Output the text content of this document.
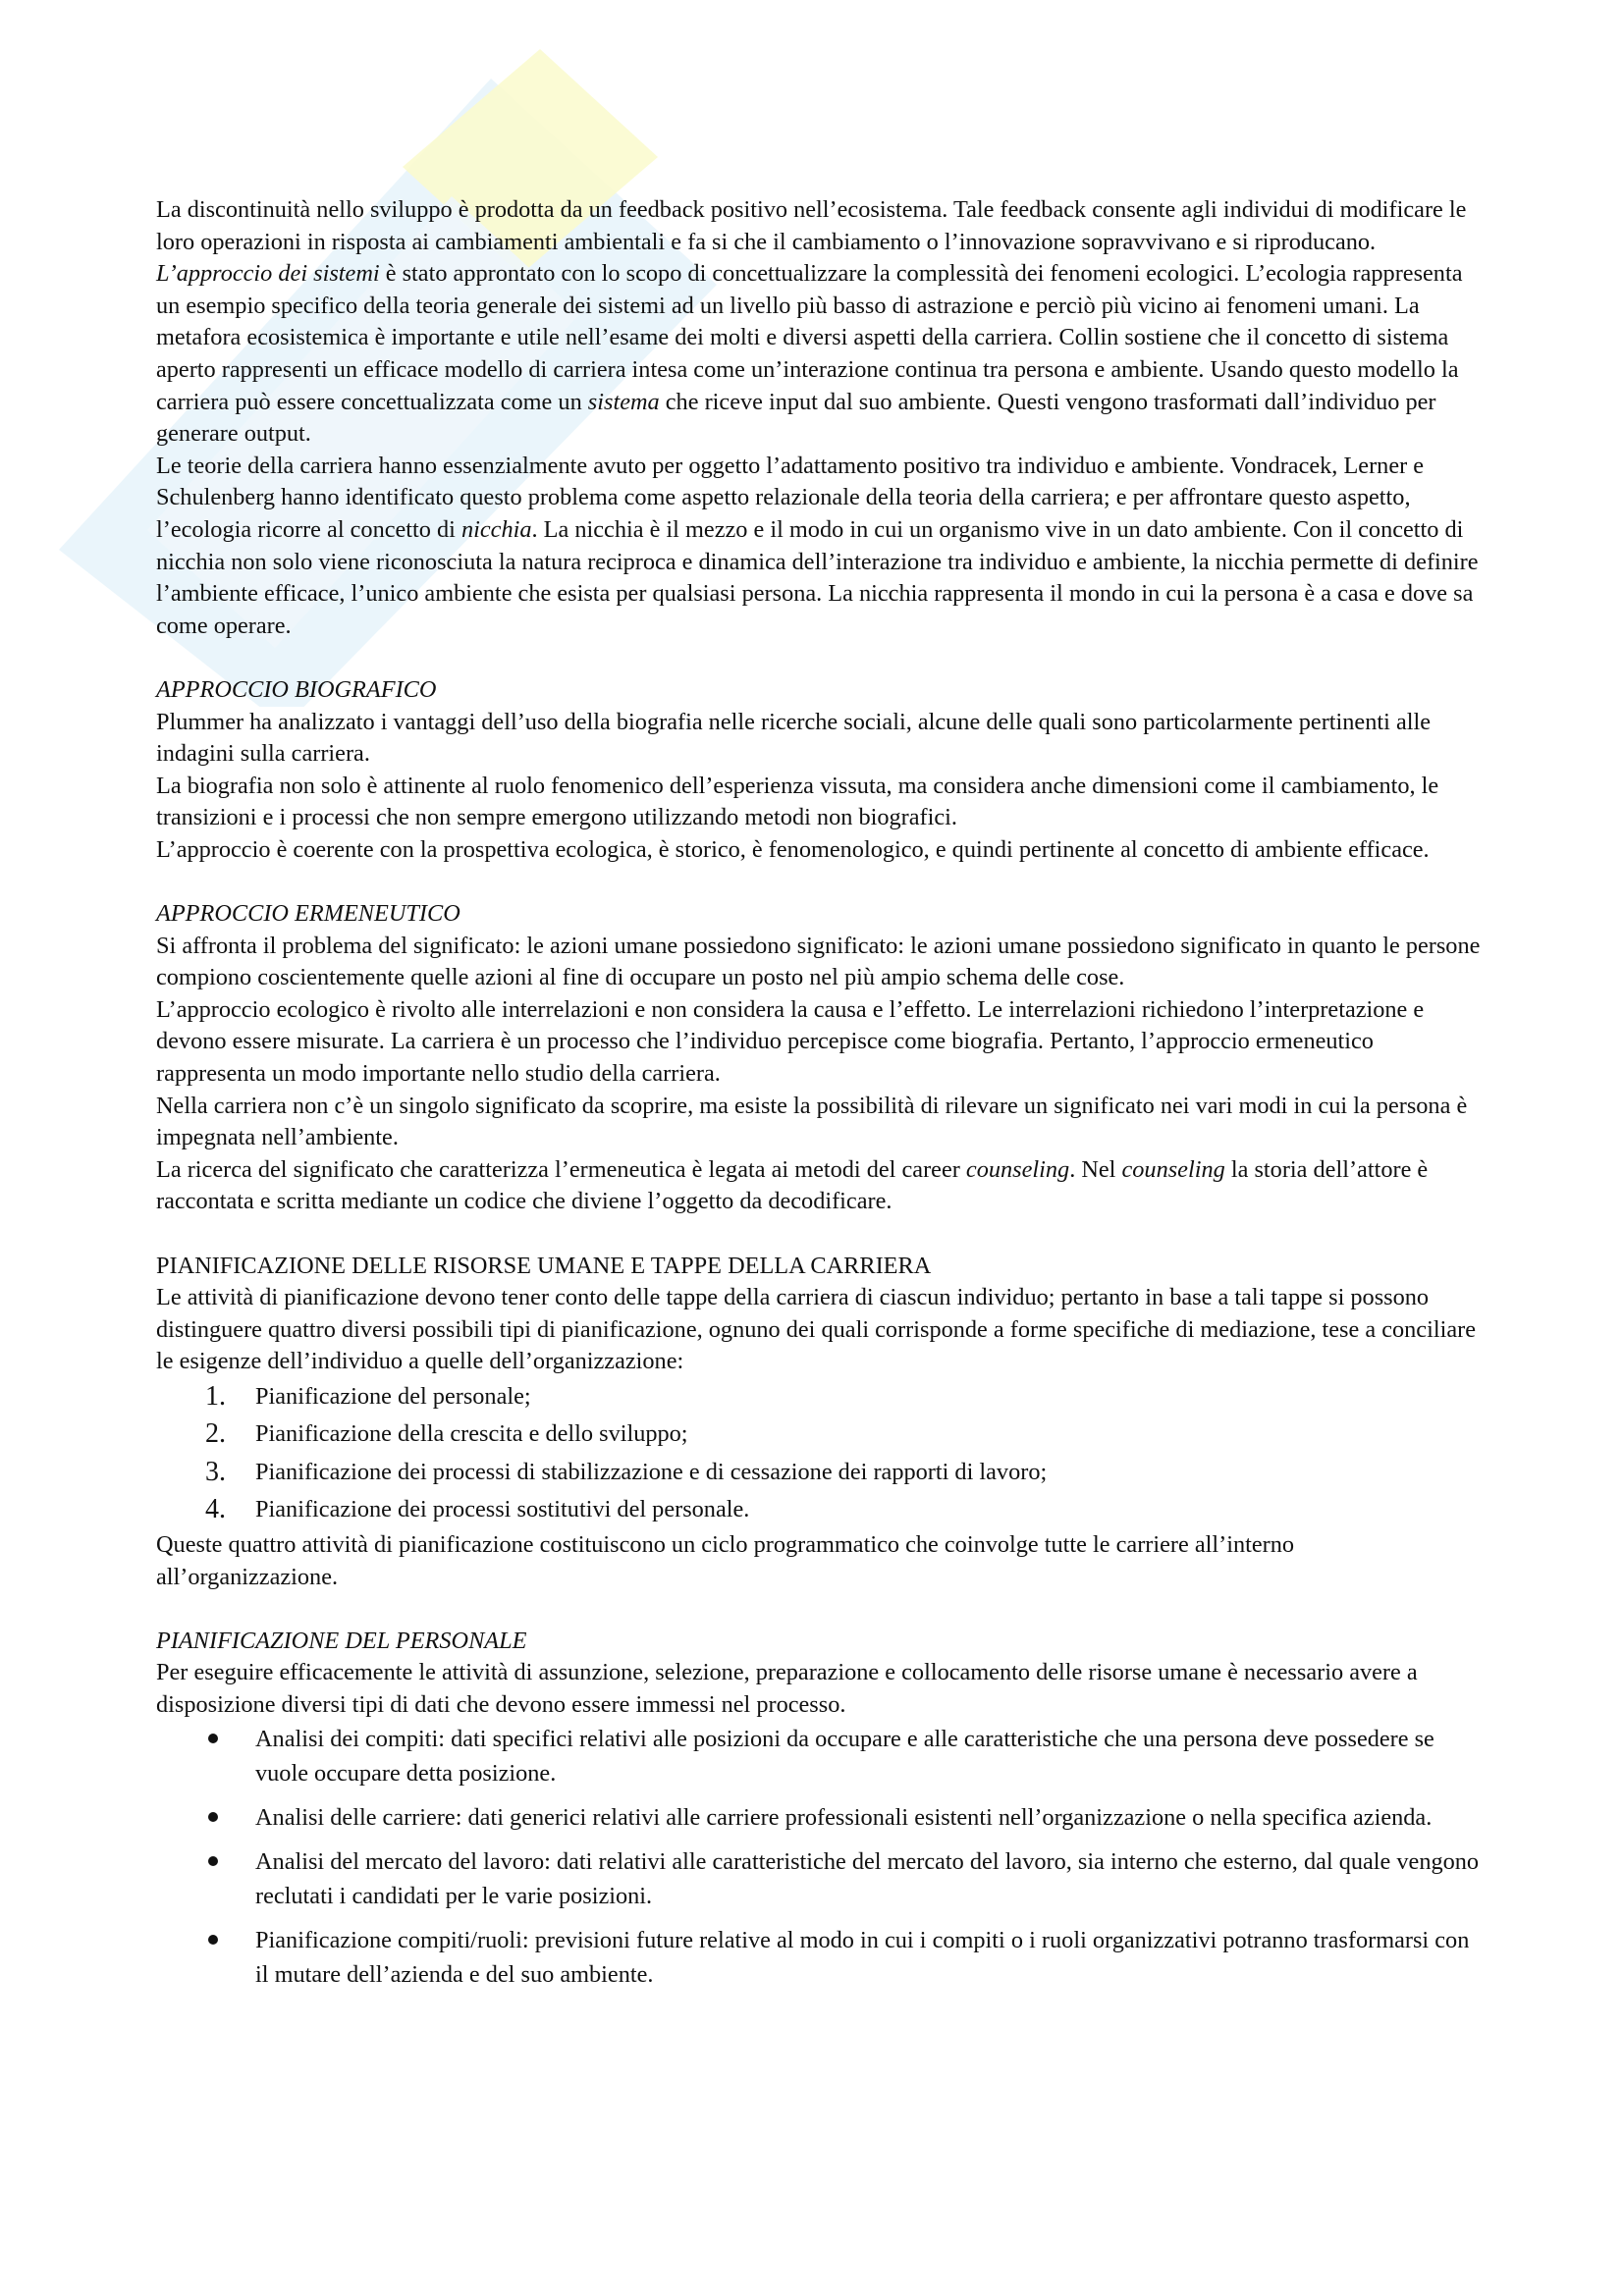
La discontinuità nello sviluppo è prodotta da un feedback positivo nell’ecosistema. Tale feedback consente agli individui di modificare le loro operazioni in risposta ai cambiamenti ambientali e fa si che il cambiamento o l’innovazione sopravvivano e si riproducano.

L’approccio dei sistemi è stato approntato con lo scopo di concettualizzare la complessità dei fenomeni ecologici. L’ecologia rappresenta un esempio specifico della teoria generale dei sistemi ad un livello più basso di astrazione e perciò più vicino ai fenomeni umani. La metafora ecosistemica è importante e utile nell’esame dei molti e diversi aspetti della carriera. Collin sostiene che il concetto di sistema aperto rappresenti un efficace modello di carriera intesa come un’interazione continua tra persona e ambiente. Usando questo modello la carriera può essere concettualizzata come un sistema che riceve input dal suo ambiente. Questi vengono trasformati dall’individuo per generare output.

Le teorie della carriera hanno essenzialmente avuto per oggetto l’adattamento positivo tra individuo e ambiente. Vondracek, Lerner e Schulenberg hanno identificato questo problema come aspetto relazionale della teoria della carriera; e per affrontare questo aspetto, l’ecologia ricorre al concetto di nicchia. La nicchia è il mezzo e il modo in cui un organismo vive in un dato ambiente. Con il concetto di nicchia non solo viene riconosciuta la natura reciproca e dinamica dell’interazione tra individuo e ambiente, la nicchia permette di definire l’ambiente efficace, l’unico ambiente che esista per qualsiasi persona. La nicchia rappresenta il mondo in cui la persona è a casa e dove sa come operare.

APPROCCIO BIOGRAFICO

Plummer ha analizzato i vantaggi dell’uso della biografia nelle ricerche sociali, alcune delle quali sono particolarmente pertinenti alle indagini sulla carriera.

La biografia non solo è attinente al ruolo fenomenico dell’esperienza vissuta, ma considera anche dimensioni come il cambiamento, le transizioni e i processi che non sempre emergono utilizzando metodi non biografici.

L’approccio è coerente con la prospettiva ecologica, è storico, è fenomenologico, e quindi pertinente al concetto di ambiente efficace.

APPROCCIO ERMENEUTICO

Si affronta il problema del significato: le azioni umane possiedono significato: le azioni umane possiedono significato in quanto le persone compiono coscientemente quelle azioni al fine di occupare un posto nel più ampio schema delle cose.

L’approccio ecologico è rivolto alle interrelazioni e non considera la causa e l’effetto. Le interrelazioni richiedono l’interpretazione e devono essere misurate. La carriera è un processo che l’individuo percepisce come biografia. Pertanto, l’approccio ermeneutico rappresenta un modo importante nello studio della carriera.

Nella carriera non c’è un singolo significato da scoprire, ma esiste la possibilità di rilevare un significato nei vari modi in cui la persona è impegnata nell’ambiente.

La ricerca del significato che caratterizza l’ermeneutica è legata ai metodi del career counseling. Nel counseling la storia dell’attore è raccontata e scritta mediante un codice che diviene l’oggetto da decodificare.

PIANIFICAZIONE DELLE RISORSE UMANE E TAPPE DELLA CARRIERA

Le attività di pianificazione devono tener conto delle tappe della carriera di ciascun individuo; pertanto in base a tali tappe si possono distinguere quattro diversi possibili tipi di pianificazione, ognuno dei quali corrisponde a forme specifiche di mediazione, tese a conciliare le esigenze dell’individuo a quelle dell’organizzazione:

1.	Pianificazione del personale;
2.	Pianificazione della crescita e dello sviluppo;
3.	Pianificazione dei processi di stabilizzazione e di cessazione dei rapporti di lavoro;
4.	Pianificazione dei processi sostitutivi del personale.

Queste quattro attività di pianificazione costituiscono un ciclo programmatico che coinvolge tutte le carriere all’interno all’organizzazione.

PIANIFICAZIONE DEL PERSONALE

Per eseguire efficacemente le attività di assunzione, selezione, preparazione e collocamento delle risorse umane è necessario avere a disposizione diversi tipi di dati che devono essere immessi nel processo.

Analisi dei compiti: dati specifici relativi alle posizioni da occupare e alle caratteristiche che una persona deve possedere se vuole occupare detta posizione.
Analisi delle carriere: dati generici relativi alle carriere professionali esistenti nell’organizzazione o nella specifica azienda.
Analisi del mercato del lavoro: dati relativi alle caratteristiche del mercato del lavoro, sia interno che esterno, dal quale vengono reclutati i candidati per le varie posizioni.
Pianificazione compiti/ruoli: previsioni future relative al modo in cui i compiti o i ruoli organizzativi potranno trasformarsi con il mutare dell’azienda e del suo ambiente.
